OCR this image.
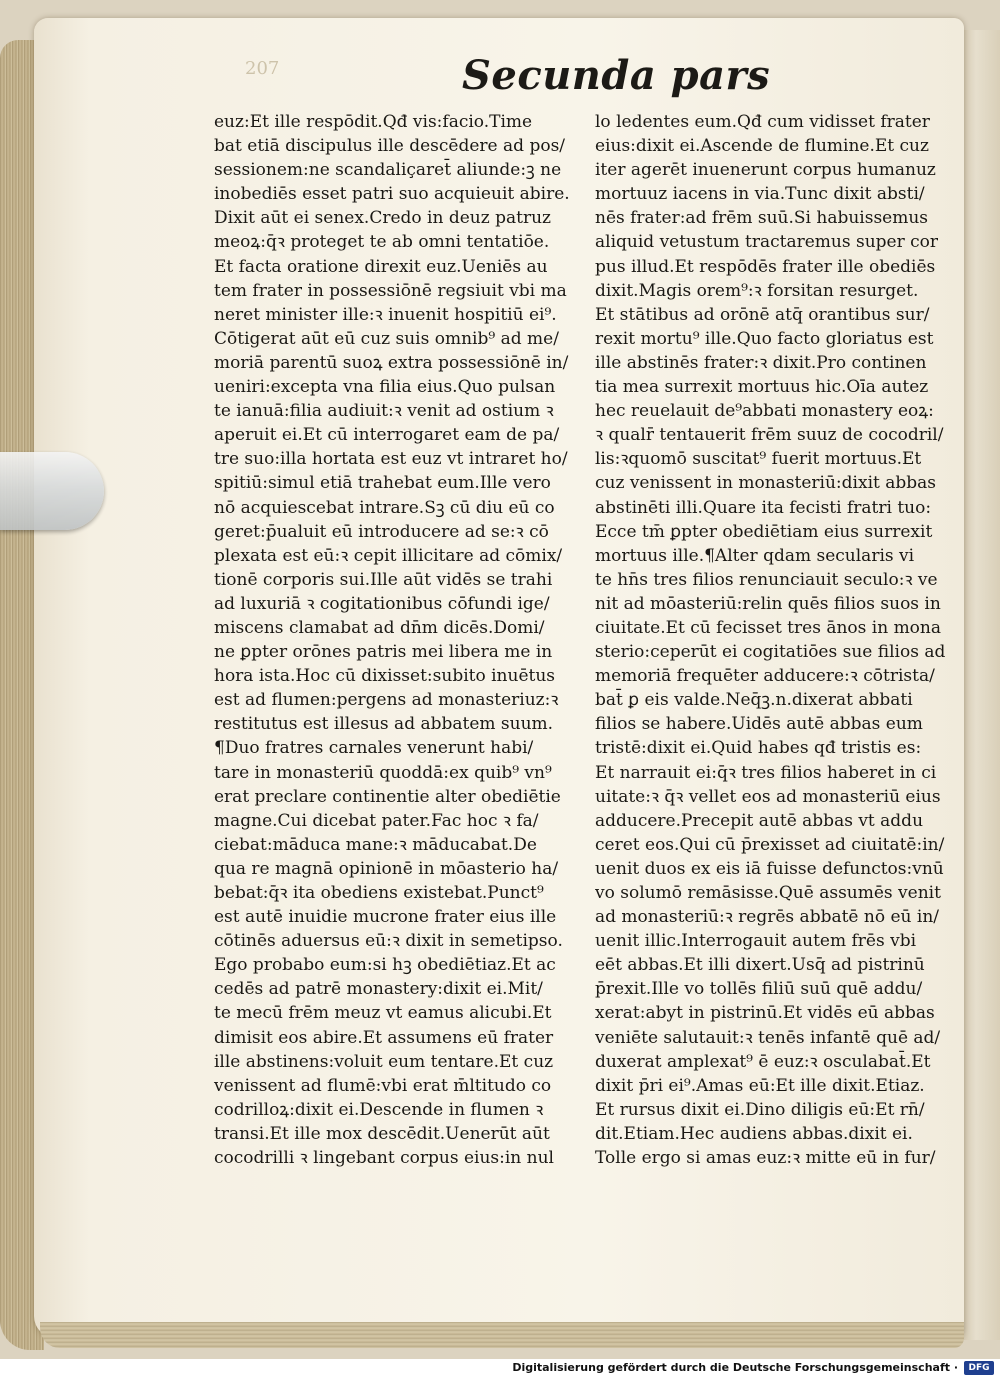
207	Secunda pars
euz:Et ille respōdit.Qđ vis:facio.Time
bat etiā discipulus ille descēdere ad pos/
sessionem:ne scandaliçaret̄ aliunde:ꝫ ne
inobediēs esset patri suo acquieuit abire.
Dixit aūt ei senex.Credo in deuz patruz
meoꝝ:q̄ꝛ proteget te ab omni tentatiōe.
Et facta oratione direxit euz.Ueniēs au
tem frater in possessiōnē regsiuit vbi ma
neret minister ille:ꝛ inuenit hospitiū ei⁹.
Cōtigerat aūt eū cuz suis omnib⁹ ad me/
moriā parentū suoꝝ extra possessiōnē in/
ueniri:excepta vna filia eius.Quo pulsan
te ianuā:filia audiuit:ꝛ venit ad ostium ꝛ
aperuit ei.Et cū interrogaret eam de pa/
tre suo:illa hortata est euz vt intraret ho/
spitiū:simul etiā trahebat eum.Ille vero
nō acquiescebat intrare.Sꝫ cū diu eū co
geret:p̄ualuit eū introducere ad se:ꝛ cō
plexata est eū:ꝛ cepit illicitare ad cōmix/
tionē corporis sui.Ille aūt vidēs se trahi
ad luxuriā ꝛ cogitationibus cōfundi ige/
miscens clamabat ad dn̄m dicēs.Domi/
ne ꝑpter orōnes patris mei libera me in
hora ista.Hoc cū dixisset:subito inuētus
est ad flumen:pergens ad monasteriuz:ꝛ
restitutus est illesus ad abbatem suum.
¶Duo fratres carnales venerunt habi/
tare in monasteriū quoddā:ex quib⁹ vn⁹
erat preclare continentie alter obediētie
magne.Cui dicebat pater.Fac hoc ꝛ fa/
ciebat:māduca mane:ꝛ māducabat.De
qua re magnā opinionē in mōasterio ha/
bebat:q̄ꝛ ita obediens existebat.Punct⁹
est autē inuidie mucrone frater eius ille
cōtinēs aduersus eū:ꝛ dixit in semetipso.
Ego probabo eum:si hꝫ obediētiaz.Et ac
cedēs ad patrē monastery:dixit ei.Mit/
te mecū frēm meuz vt eamus alicubi.Et
dimisit eos abire.Et assumens eū frater
ille abstinens:voluit eum tentare.Et cuz
venissent ad flumē:vbi erat m̄ltitudo co
codrilloꝝ:dixit ei.Descende in flumen ꝛ
transi.Et ille mox descēdit.Uenerūt aūt
cocodrilli ꝛ lingebant corpus eius:in nul
lo ledentes eum.Qđ cum vidisset frater
eius:dixit ei.Ascende de flumine.Et cuz
iter agerēt inuenerunt corpus humanuz
mortuuz iacens in via.Tunc dixit absti/
nēs frater:ad frēm suū.Si habuissemus
aliquid vetustum tractaremus super cor
pus illud.Et respōdēs frater ille obediēs
dixit.Magis orem⁹:ꝛ forsitan resurget.
Et stātibus ad orōnē atq̄ orantibus sur/
rexit mortu⁹ ille.Quo facto gloriatus est
ille abstinēs frater:ꝛ dixit.Pro continen
tia mea surrexit mortuus hic.Oīa autez
hec reuelauit de⁹abbati monastery eoꝝ:
ꝛ qualr̄ tentauerit frēm suuz de cocodril/
lis:ꝛquomō suscitat⁹ fuerit mortuus.Et
cuz venissent in monasteriū:dixit abbas
abstinēti illi.Quare ita fecisti fratri tuo:
Ecce tm̄ ꝑpter obediētiam eius surrexit
mortuus ille.¶Alter qdam secularis vi
te hn̄s tres filios renunciauit seculo:ꝛ ve
nit ad mōasteriū:relin quēs filios suos in
ciuitate.Et cū fecisset tres ānos in mona
sterio:ceperūt ei cogitatiōes sue filios ad
memoriā frequēter adducere:ꝛ cōtrista/
bat̄ ꝑ eis valde.Neq̄ꝫ.n.dixerat abbati
filios se habere.Uidēs autē abbas eum
tristē:dixit ei.Quid habes qđ tristis es:
Et narrauit ei:q̄ꝛ tres filios haberet in ci
uitate:ꝛ q̄ꝛ vellet eos ad monasteriū eius
adducere.Precepit autē abbas vt addu
ceret eos.Qui cū p̄rexisset ad ciuitatē:in/
uenit duos ex eis iā fuisse defunctos:vnū
vo solumō remāsisse.Quē assumēs venit
ad monasteriū:ꝛ regrēs abbatē nō eū in/
uenit illic.Interrogauit autem frēs vbi
eēt abbas.Et illi dixert.Usq̄ ad pistrinū
p̄rexit.Ille vo tollēs filiū suū quē addu/
xerat:abyt in pistrinū.Et vidēs eū abbas
veniēte salutauit:ꝛ tenēs infantē quē ad/
duxerat amplexat⁹ ē euz:ꝛ osculabat̄.Et
dixit p̄ri ei⁹.Amas eū:Et ille dixit.Etiaz.
Et rursus dixit ei.Dino diligis eū:Et rn̄/
dit.Etiam.Hec audiens abbas.dixit ei.
Tolle ergo si amas euz:ꝛ mitte eū in fur/
Digitalisierung gefördert durch die Deutsche Forschungsgemeinschaft ·	DFG
